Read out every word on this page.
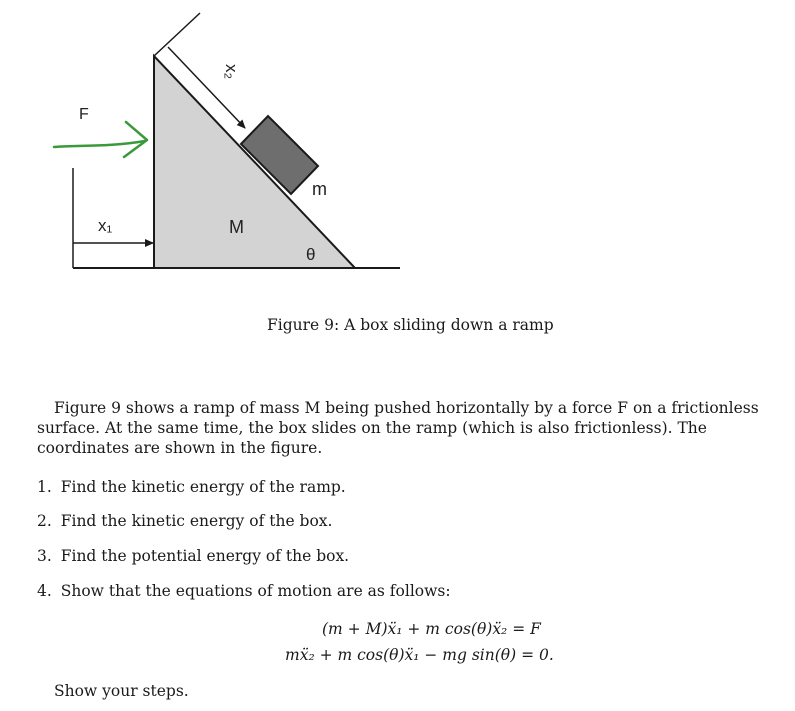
F
x₁
x₂
M
m
θ
Figure 9: A box sliding down a ramp

Figure 9 shows a ramp of mass M being pushed horizontally by a force F on a frictionless surface. At the same time, the box slides on the ramp (which is also frictionless). The coordinates are shown in the figure.

1. Find the kinetic energy of the ramp.
2. Find the kinetic energy of the box.
3. Find the potential energy of the box.
4. Show that the equations of motion are as follows:
(m + M)ẍ₁ + m cos(θ)ẍ₂ = F
mẍ₂ + m cos(θ)ẍ₁ − mg sin(θ) = 0.
Show your steps.
